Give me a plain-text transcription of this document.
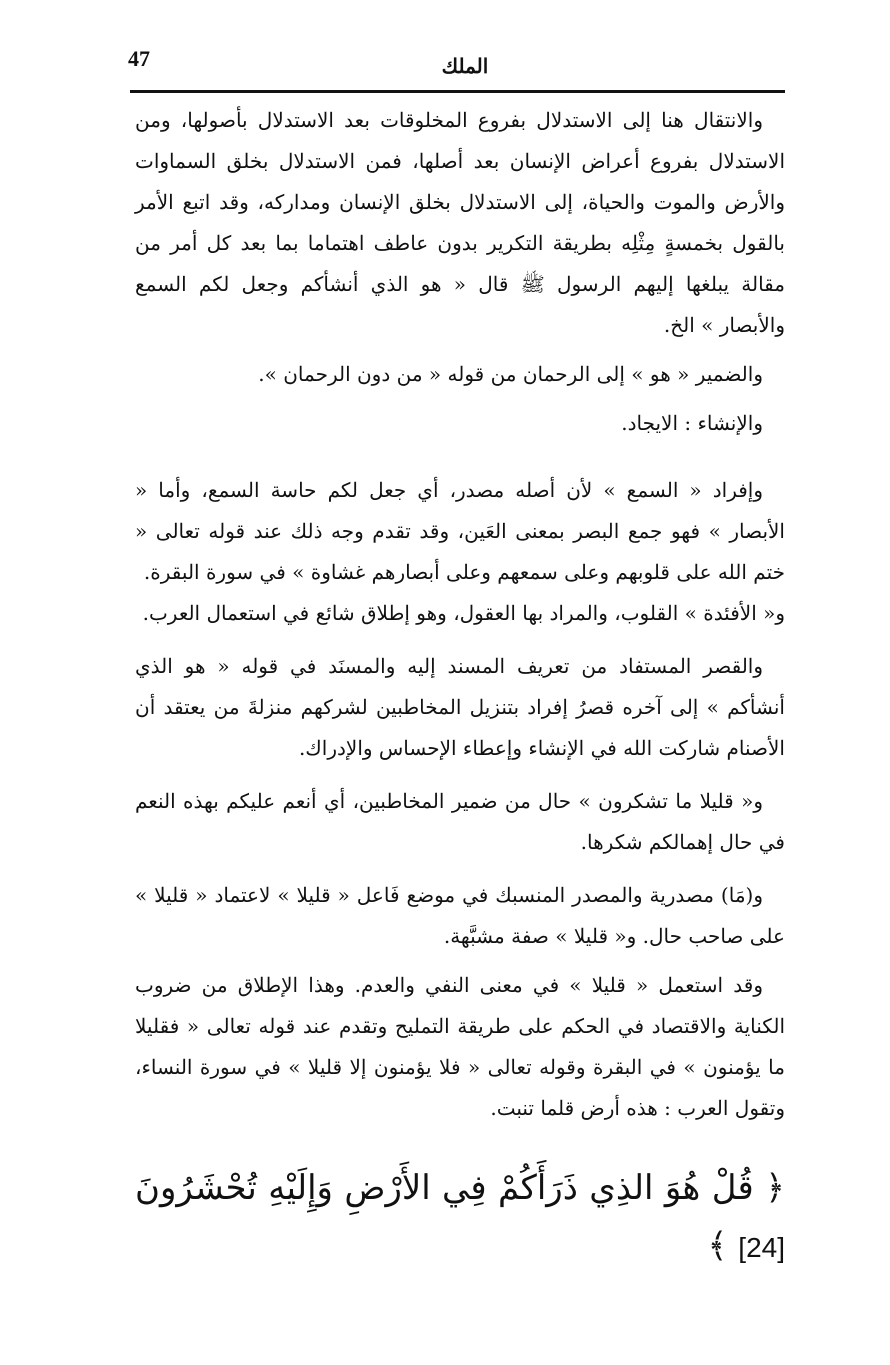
47	الملك

والانتقال هنا إلى الاستدلال بفروع المخلوقات بعد الاستدلال بأصولها، ومن الاستدلال بفروع أعراض الإنسان بعد أصلها، فمن الاستدلال بخلق السماوات والأرض والموت والحياة، إلى الاستدلال بخلق الإنسان ومداركه، وقد اتبع الأمر بالقول بخمسةٍ مِثْلِه بطريقة التكرير بدون عاطف اهتماما بما بعد كل أمر من مقالة يبلغها إليهم الرسول ﷺ قال « هو الذي أنشأكم وجعل لكم السمع والأبصار » الخ.

والضمير « هو » إلى الرحمان من قوله « من دون الرحمان ».

والإنشاء : الايجاد.

وإفراد « السمع » لأن أصله مصدر، أي جعل لكم حاسة السمع، وأما « الأبصار » فهو جمع البصر بمعنى العَين، وقد تقدم وجه ذلك عند قوله تعالى « ختم الله على قلوبهم وعلى سمعهم وعلى أبصارهم غشاوة » في سورة البقرة.

و« الأفئدة » القلوب، والمراد بها العقول، وهو إطلاق شائع في استعمال العرب.

والقصر المستفاد من تعريف المسند إليه والمسنَد في قوله « هو الذي أنشأكم » إلى آخره قصرُ إفراد بتنزيل المخاطبين لشركهم منزلةَ من يعتقد أن الأصنام شاركت الله في الإنشاء وإعطاء الإحساس والإدراك.

و« قليلا ما تشكرون » حال من ضمير المخاطبين، أي أنعم عليكم بهذه النعم في حال إهمالكم شكرها.

و(مَا) مصدرية والمصدر المنسبك في موضع فَاعل « قليلا » لاعتماد « قليلا » على صاحب حال. و« قليلا » صفة مشبَّهة.

وقد استعمل « قليلا » في معنى النفي والعدم. وهذا الإطلاق من ضروب الكناية والاقتصاد في الحكم على طريقة التمليح وتقدم عند قوله تعالى « فقليلا ما يؤمنون » في البقرة وقوله تعالى « فلا يؤمنون إلا قليلا » في سورة النساء، وتقول العرب : هذه أرض قلما تنبت.

﴿ قُلْ هُوَ الذِي ذَرَأَكُمْ فِي الأَرْضِ وَإِلَيْهِ تُحْشَرُونَ [24] ﴾
